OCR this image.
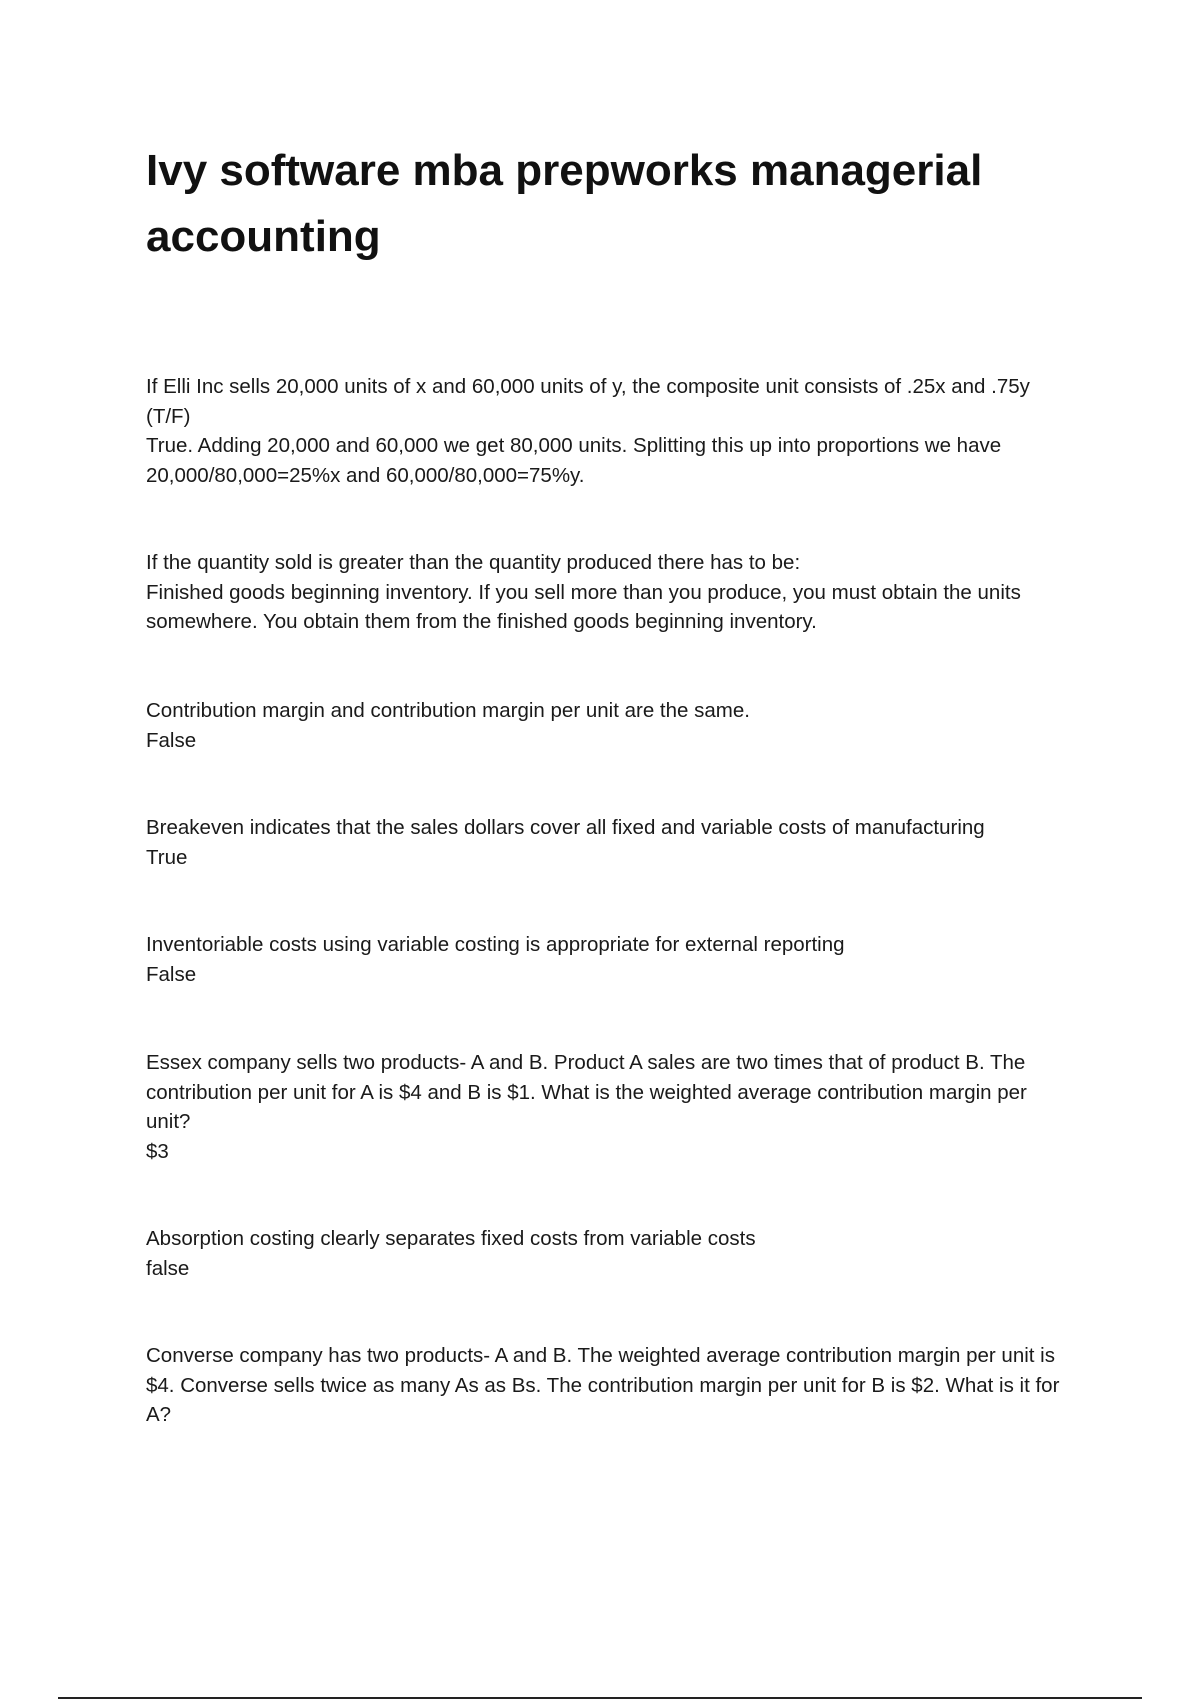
Ivy software mba prepworks managerial accounting

If Elli Inc sells 20,000 units of x and 60,000 units of y, the composite unit consists of .25x and .75y (T/F)

True. Adding 20,000 and 60,000 we get 80,000 units. Splitting this up into proportions we have 20,000/80,000=25%x and 60,000/80,000=75%y.

If the quantity sold is greater than the quantity produced there has to be:

Finished goods beginning inventory. If you sell more than you produce, you must obtain the units somewhere. You obtain them from the finished goods beginning inventory.

Contribution margin and contribution margin per unit are the same.

False

Breakeven indicates that the sales dollars cover all fixed and variable costs of manufacturing

True

Inventoriable costs using variable costing is appropriate for external reporting

False

Essex company sells two products- A and B. Product A sales are two times that of product B. The contribution per unit for A is $4 and B is $1. What is the weighted average contribution margin per unit?

$3

Absorption costing clearly separates fixed costs from variable costs

false

Converse company has two products- A and B. The weighted average contribution margin per unit is $4. Converse sells twice as many As as Bs. The contribution margin per unit for B is $2. What is it for A?
